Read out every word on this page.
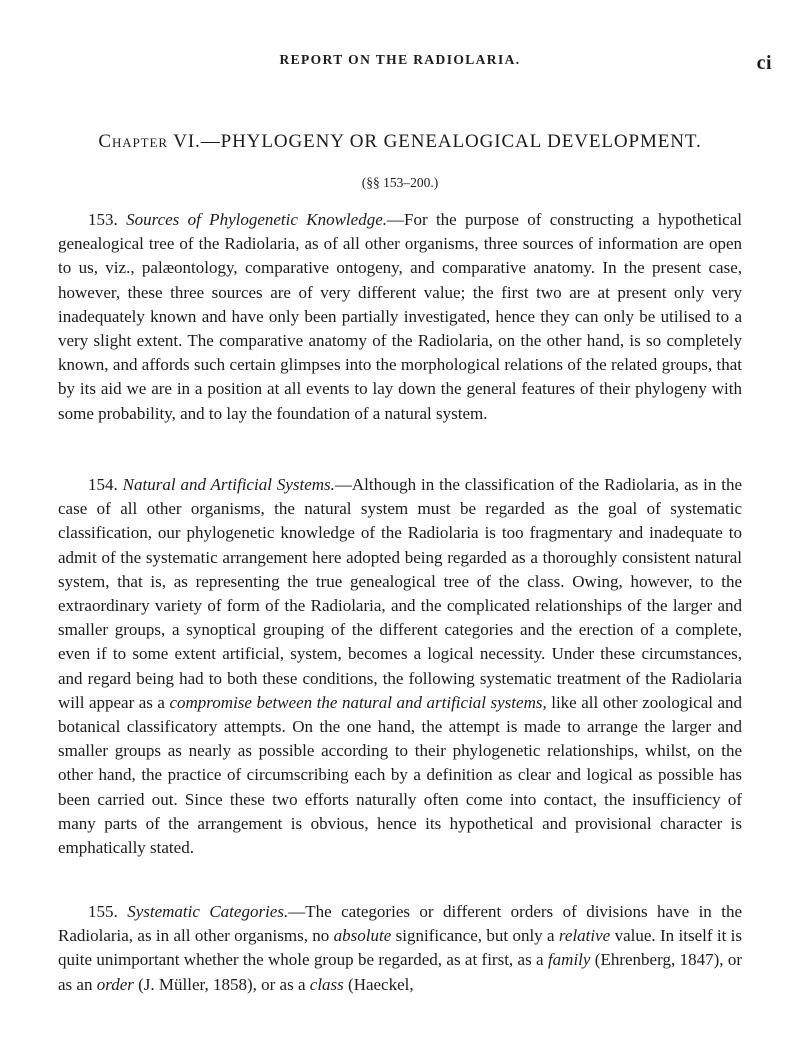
REPORT ON THE RADIOLARIA.	ci
Chapter VI.—PHYLOGENY OR GENEALOGICAL DEVELOPMENT.
(§§ 153–200.)

153. Sources of Phylogenetic Knowledge.—For the purpose of constructing a hypothetical genealogical tree of the Radiolaria, as of all other organisms, three sources of information are open to us, viz., palæontology, comparative ontogeny, and comparative anatomy. In the present case, however, these three sources are of very different value; the first two are at present only very inadequately known and have only been partially investigated, hence they can only be utilised to a very slight extent. The comparative anatomy of the Radiolaria, on the other hand, is so completely known, and affords such certain glimpses into the morphological relations of the related groups, that by its aid we are in a position at all events to lay down the general features of their phylogeny with some probability, and to lay the foundation of a natural system.

154. Natural and Artificial Systems.—Although in the classification of the Radiolaria, as in the case of all other organisms, the natural system must be regarded as the goal of systematic classification, our phylogenetic knowledge of the Radiolaria is too fragmentary and inadequate to admit of the systematic arrangement here adopted being regarded as a thoroughly consistent natural system, that is, as representing the true genealogical tree of the class. Owing, however, to the extraordinary variety of form of the Radiolaria, and the complicated relationships of the larger and smaller groups, a synoptical grouping of the different categories and the erection of a complete, even if to some extent artificial, system, becomes a logical necessity. Under these circumstances, and regard being had to both these conditions, the following systematic treatment of the Radiolaria will appear as a compromise between the natural and artificial systems, like all other zoological and botanical classificatory attempts. On the one hand, the attempt is made to arrange the larger and smaller groups as nearly as possible according to their phylogenetic relationships, whilst, on the other hand, the practice of circumscribing each by a definition as clear and logical as possible has been carried out. Since these two efforts naturally often come into contact, the insufficiency of many parts of the arrangement is obvious, hence its hypothetical and provisional character is emphatically stated.

155. Systematic Categories.—The categories or different orders of divisions have in the Radiolaria, as in all other organisms, no absolute significance, but only a relative value. In itself it is quite unimportant whether the whole group be regarded, as at first, as a family (Ehrenberg, 1847), or as an order (J. Müller, 1858), or as a class (Haeckel,
